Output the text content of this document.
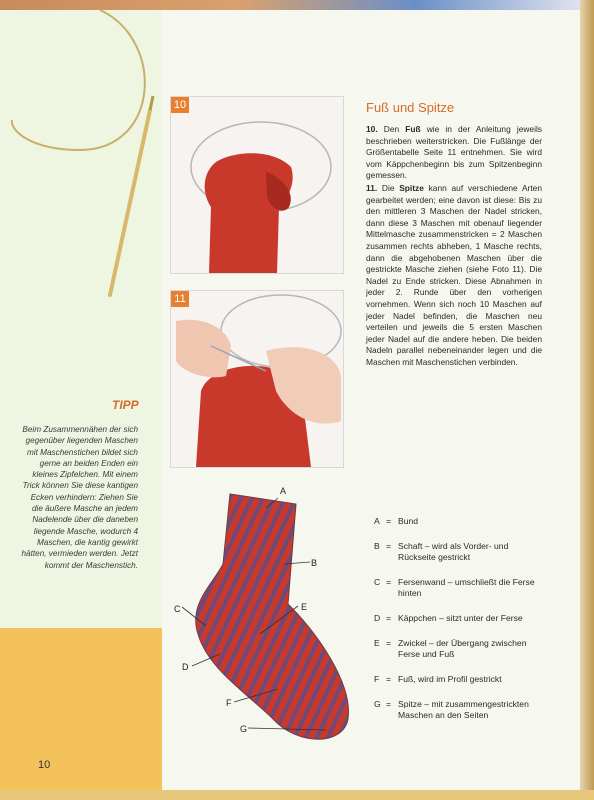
10
11
Fuß und Spitze

10. Den Fuß wie in der Anleitung jeweils beschrieben weiterstricken. Die Fußlänge der Größentabelle Seite 11 entnehmen. Sie wird vom Käppchenbeginn bis zum Spitzenbeginn gemessen.

11. Die Spitze kann auf verschiedene Arten gearbeitet werden; eine davon ist diese: Bis zu den mittleren 3 Maschen der Nadel stricken, dann diese 3 Maschen mit obenauf liegender Mittelmasche zusammenstricken = 2 Maschen zusammen rechts abheben, 1 Masche rechts, dann die abgehobenen Maschen über die gestrickte Masche ziehen (siehe Foto 11). Die Nadel zu Ende stricken. Diese Abnahmen in jeder 2. Runde über den vorherigen vornehmen. Wenn sich noch 10 Maschen auf jeder Nadel befinden, die Maschen neu verteilen und jeweils die 5 ersten Maschen jeder Nadel auf die andere heben. Die beiden Nadeln parallel nebeneinander legen und die Maschen mit Maschenstichen verbinden.

TIPP
Beim Zusammennähen der sich gegenüber liegenden Maschen mit Maschenstichen bildet sich gerne an beiden Enden ein kleines Zipfelchen. Mit einem Trick können Sie diese kantigen Ecken verhindern: Ziehen Sie die äußere Masche an jedem Nadelende über die daneben liegende Masche, wodurch 4 Maschen, die kantig gewirkt hätten, vermieden werden. Jetzt kommt der Maschenstich.
A
B
C
D
E
F
G
A = Bund
B = Schaft – wird als Vorder- und Rückseite gestrickt
C = Fersenwand – umschließt die Ferse hinten
D = Käppchen – sitzt unter der Ferse
E = Zwickel – der Übergang zwischen Ferse und Fuß
F = Fuß, wird im Profil gestrickt
G = Spitze – mit zusammengestrickten Maschen an den Seiten
10
